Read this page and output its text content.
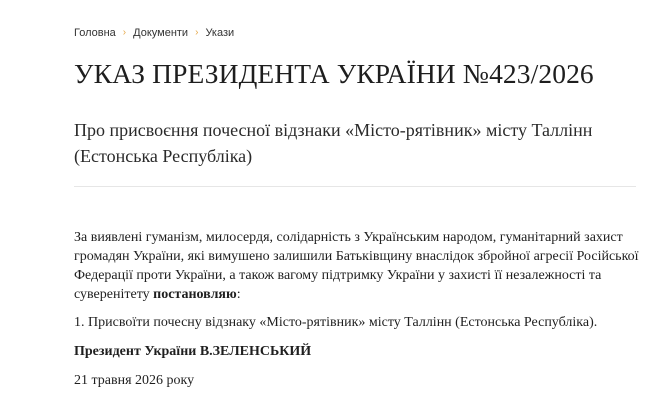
Головна › Документи › Укази
УКАЗ ПРЕЗИДЕНТА УКРАЇНИ №423/2026
Про присвоєння почесної відзнаки «Місто-рятівник» місту Таллінн (Естонська Республіка)

За виявлені гуманізм, милосердя, солідарність з Українським народом, гуманітарний захист громадян України, які вимушено залишили Батьківщину внаслідок збройної агресії Російської Федерації проти України, а також вагому підтримку України у захисті її незалежності та суверенітету постановляю:

1. Присвоїти почесну відзнаку «Місто-рятівник» місту Таллінн (Естонська Республіка).

Президент України В.ЗЕЛЕНСЬКИЙ

21 травня 2026 року
